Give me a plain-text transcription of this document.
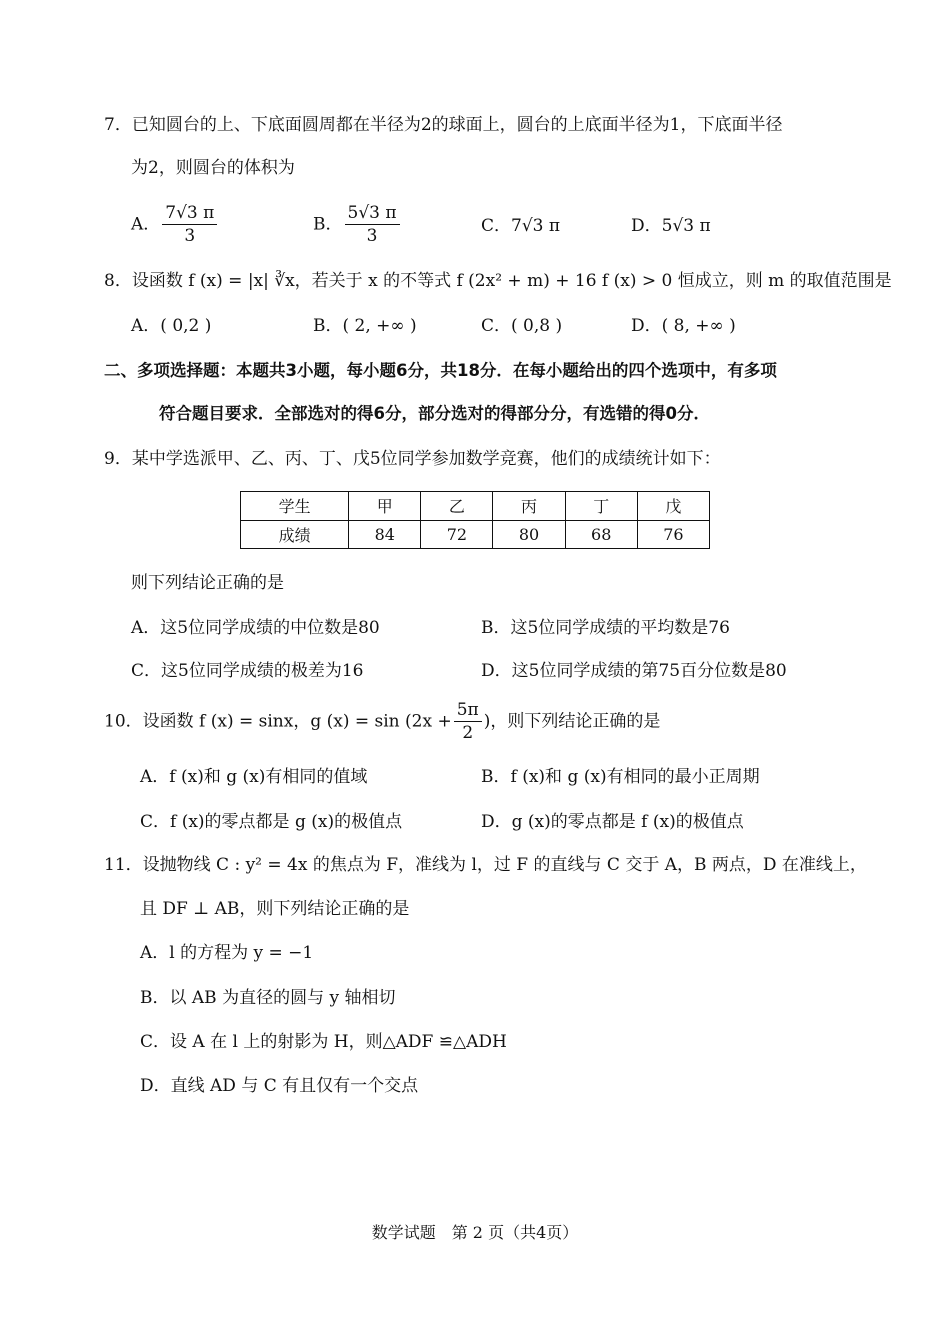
7．已知圆台的上、下底面圆周都在半径为2的球面上，圆台的上底面半径为1，下底面半径
为2，则圆台的体积为
A． $\frac{7√3 \pi}{3}$	B． $\frac{5√3 \pi}{3}$	C．7√3 π	D．5√3 π
8．设函数 f (x) = |x| ∛x，若关于 x 的不等式 f (2x² + m) + 16 f (x) > 0 恒成立，则 m 的取值范围是
A．( 0,2 )	B．( 2, +∞ )	C．( 0,8 )	D．( 8, +∞ )
二、多项选择题：本题共3小题，每小题6分，共18分．在每小题给出的四个选项中，有多项
符合题目要求．全部选对的得6分，部分选对的得部分分，有选错的得0分．
9．某中学选派甲、乙、丙、丁、戊5位同学参加数学竞赛，他们的成绩统计如下：
学生	甲	乙	丙	丁	戊
成绩	84	72	80	68	76
则下列结论正确的是
A．这5位同学成绩的中位数是80	B．这5位同学成绩的平均数是76
C．这5位同学成绩的极差为16	D．这5位同学成绩的第75百分位数是80
10．设函数 f (x) = sinx，g $(x) = \sin (2x + \frac{5\pi}{2}$ )，则下列结论正确的是
A．f (x)和 g (x)有相同的值域	B．f (x)和 g (x)有相同的最小正周期
C．f (x)的零点都是 g (x)的极值点	D．g (x)的零点都是 f (x)的极值点
11．设抛物线 C : y² = 4x 的焦点为 F，准线为 l，过 F 的直线与 C 交于 A，B 两点，D 在准线上，
且 DF ⊥ AB，则下列结论正确的是
A．l 的方程为 y = −1
B．以 AB 为直径的圆与 y 轴相切
C．设 A 在 l 上的射影为 H，则△ADF ≌△ADH
D．直线 AD 与 C 有且仅有一个交点
数学试题　第 2 页（共4页）
